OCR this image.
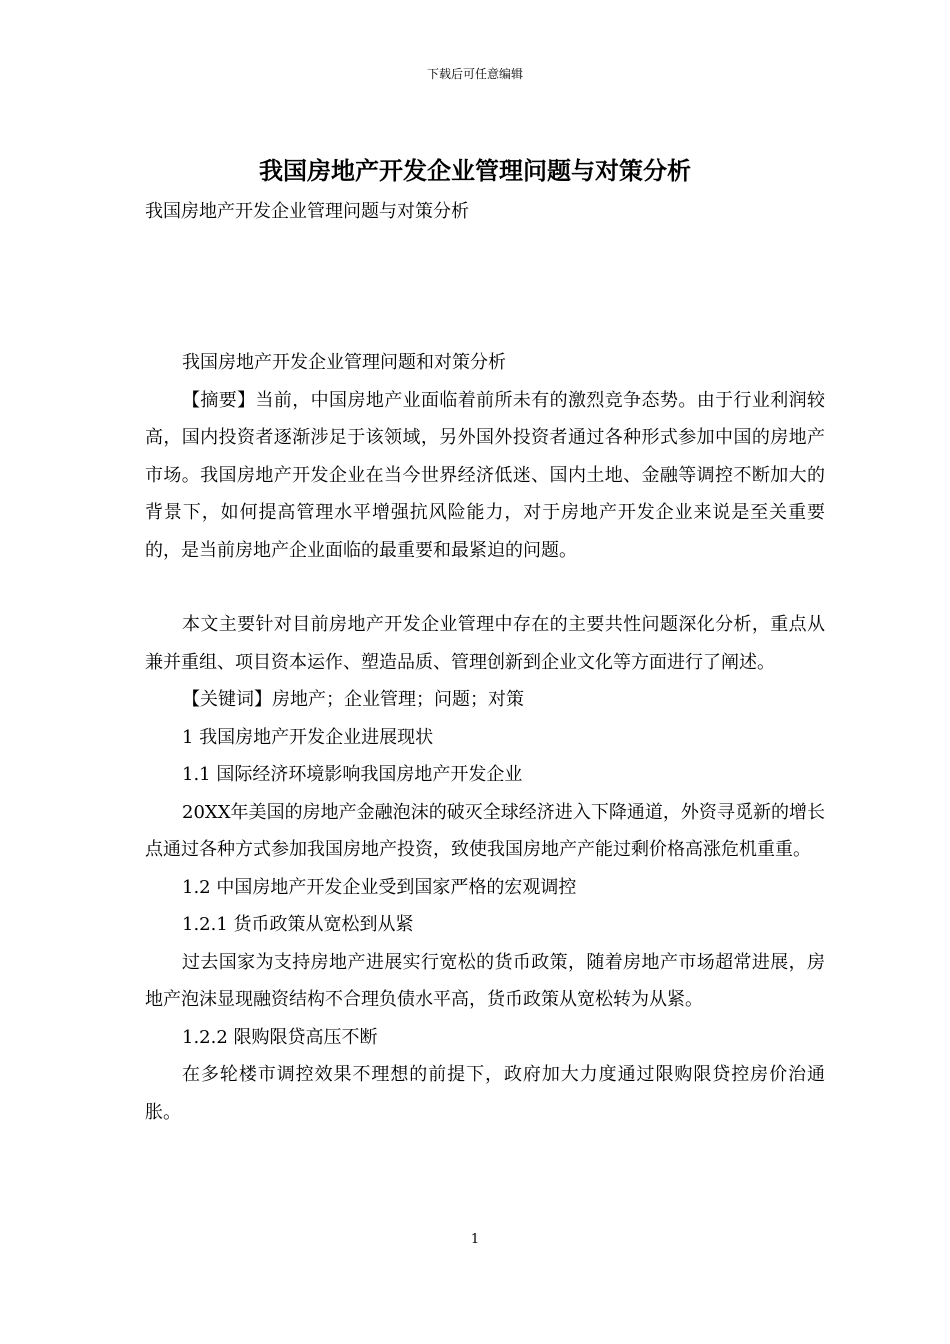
下载后可任意编辑
我国房地产开发企业管理问题与对策分析

我国房地产开发企业管理问题与对策分析

我国房地产开发企业管理问题和对策分析

【摘要】当前，中国房地产业面临着前所未有的激烈竞争态势。由于行业利润较高，国内投资者逐渐涉足于该领域，另外国外投资者通过各种形式参加中国的房地产市场。我国房地产开发企业在当今世界经济低迷、国内土地、金融等调控不断加大的背景下，如何提高管理水平增强抗风险能力，对于房地产开发企业来说是至关重要的，是当前房地产企业面临的最重要和最紧迫的问题。

本文主要针对目前房地产开发企业管理中存在的主要共性问题深化分析，重点从兼并重组、项目资本运作、塑造品质、管理创新到企业文化等方面进行了阐述。

【关键词】房地产；企业管理；问题；对策

1 我国房地产开发企业进展现状

1.1 国际经济环境影响我国房地产开发企业

20XX年美国的房地产金融泡沫的破灭全球经济进入下降通道，外资寻觅新的增长点通过各种方式参加我国房地产投资，致使我国房地产产能过剩价格高涨危机重重。

1.2 中国房地产开发企业受到国家严格的宏观调控

1.2.1 货币政策从宽松到从紧

过去国家为支持房地产进展实行宽松的货币政策，随着房地产市场超常进展，房地产泡沫显现融资结构不合理负债水平高，货币政策从宽松转为从紧。

1.2.2 限购限贷高压不断

在多轮楼市调控效果不理想的前提下，政府加大力度通过限购限贷控房价治通胀。

1
